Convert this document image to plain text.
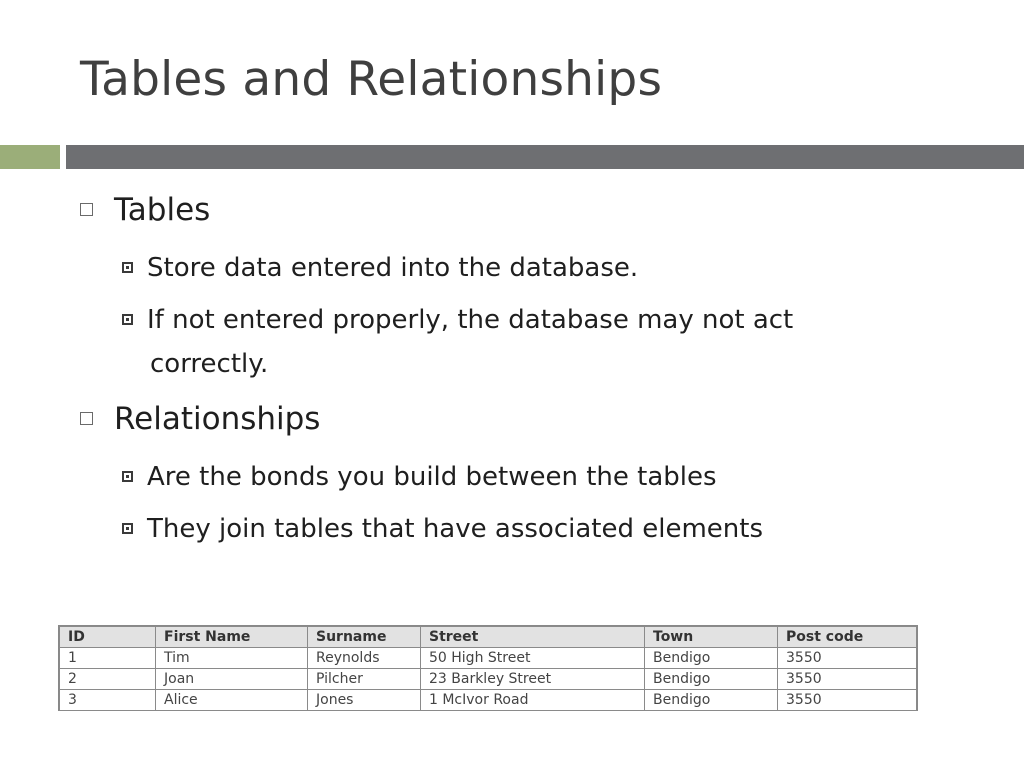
Tables and Relationships
Tables
Store data entered into the database.
If not entered properly, the database may not act
correctly.
Relationships
Are the bonds you build between the tables
They join tables that have associated elements
ID	First Name	Surname	Street	Town	Post code
1	Tim	Reynolds	50 High Street	Bendigo	3550
2	Joan	Pilcher	23 Barkley Street	Bendigo	3550
3	Alice	Jones	1 McIvor Road	Bendigo	3550
